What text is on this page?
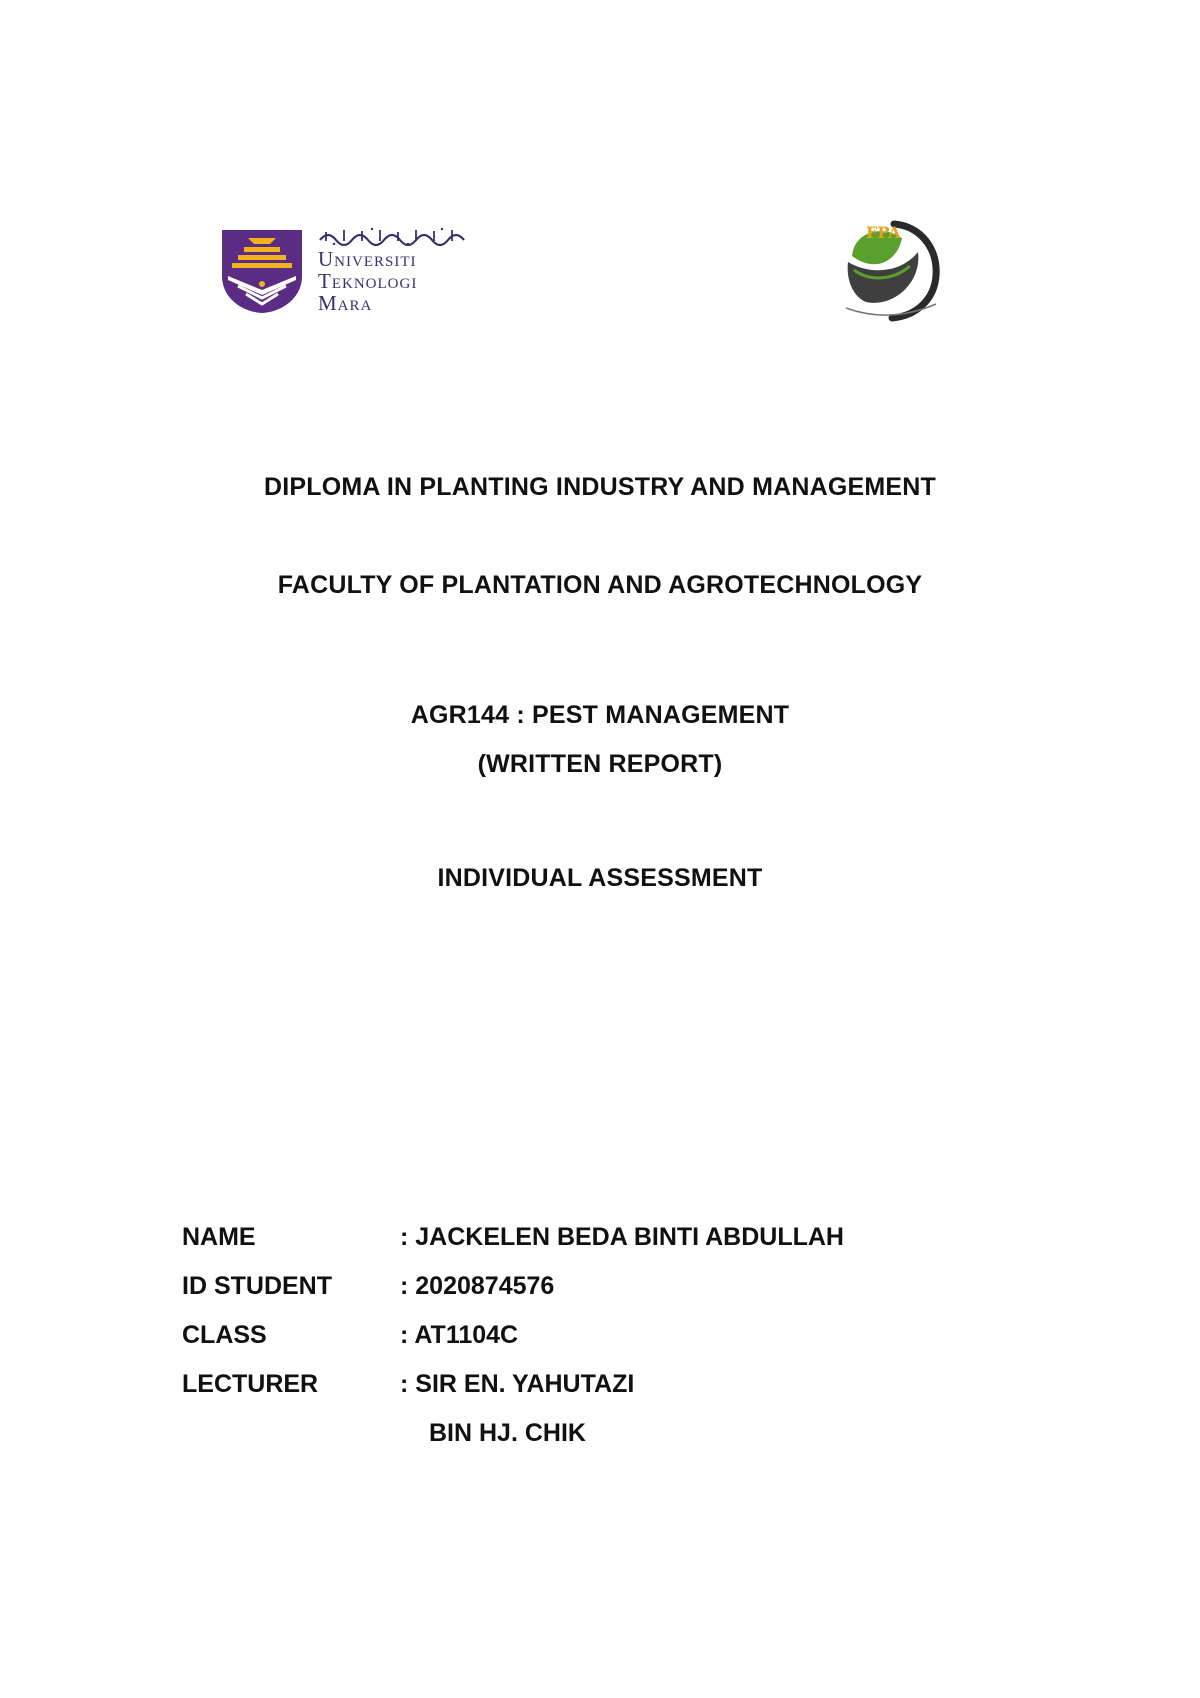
Universiti
Teknologi
Mara
FPA
DIPLOMA IN PLANTING INDUSTRY AND MANAGEMENT
FACULTY OF PLANTATION AND AGROTECHNOLOGY
AGR144 : PEST MANAGEMENT
(WRITTEN REPORT)
INDIVIDUAL ASSESSMENT
NAME	: JACKELEN BEDA BINTI ABDULLAH
ID STUDENT	: 2020874576
CLASS	: AT1104C
LECTURER	: SIR EN. YAHUTAZI
BIN HJ. CHIK
